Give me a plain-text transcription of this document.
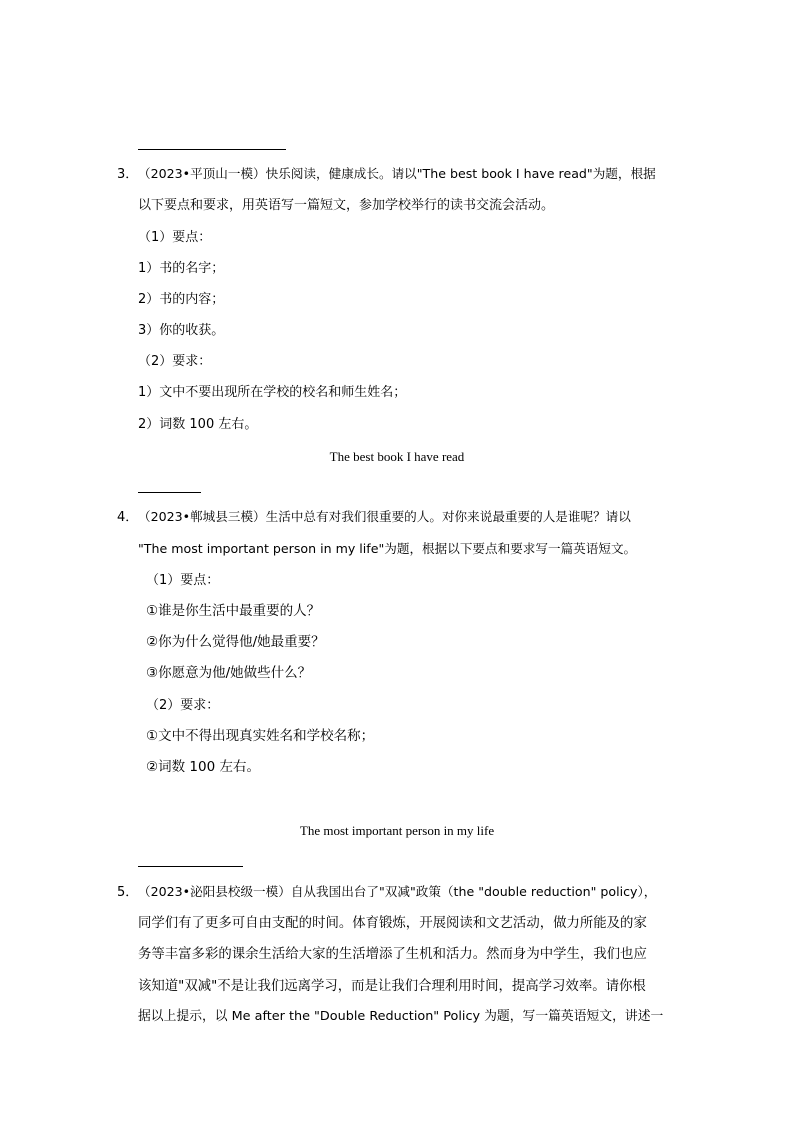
3． （2023•平顶山一模）快乐阅读，健康成长。请以"The best book I have read"为题，根据
以下要点和要求，用英语写一篇短文，参加学校举行的读书交流会活动。
（1）要点：
1）书的名字；
2）书的内容；
3）你的收获。
（2）要求：
1）文中不要出现所在学校的校名和师生姓名；
2）词数 100 左右。
The best book I have read
4． （2023•郸城县三模）生活中总有对我们很重要的人。对你来说最重要的人是谁呢？请以
"The most important person in my life"为题，根据以下要点和要求写一篇英语短文。
（1）要点：
①谁是你生活中最重要的人？
②你为什么觉得他/她最重要？
③你愿意为他/她做些什么？
（2）要求：
①文中不得出现真实姓名和学校名称；
②词数 100 左右。
The most important person in my life
5． （2023•泌阳县校级一模）自从我国出台了"双减"政策（the "double reduction" policy），
同学们有了更多可自由支配的时间。体育锻炼，开展阅读和文艺活动，做力所能及的家
务等丰富多彩的课余生活给大家的生活增添了生机和活力。然而身为中学生，我们也应
该知道"双减"不是让我们远离学习，而是让我们合理利用时间，提高学习效率。请你根
据以上提示，以 Me after the "Double Reduction" Policy 为题，写一篇英语短文，讲述一
